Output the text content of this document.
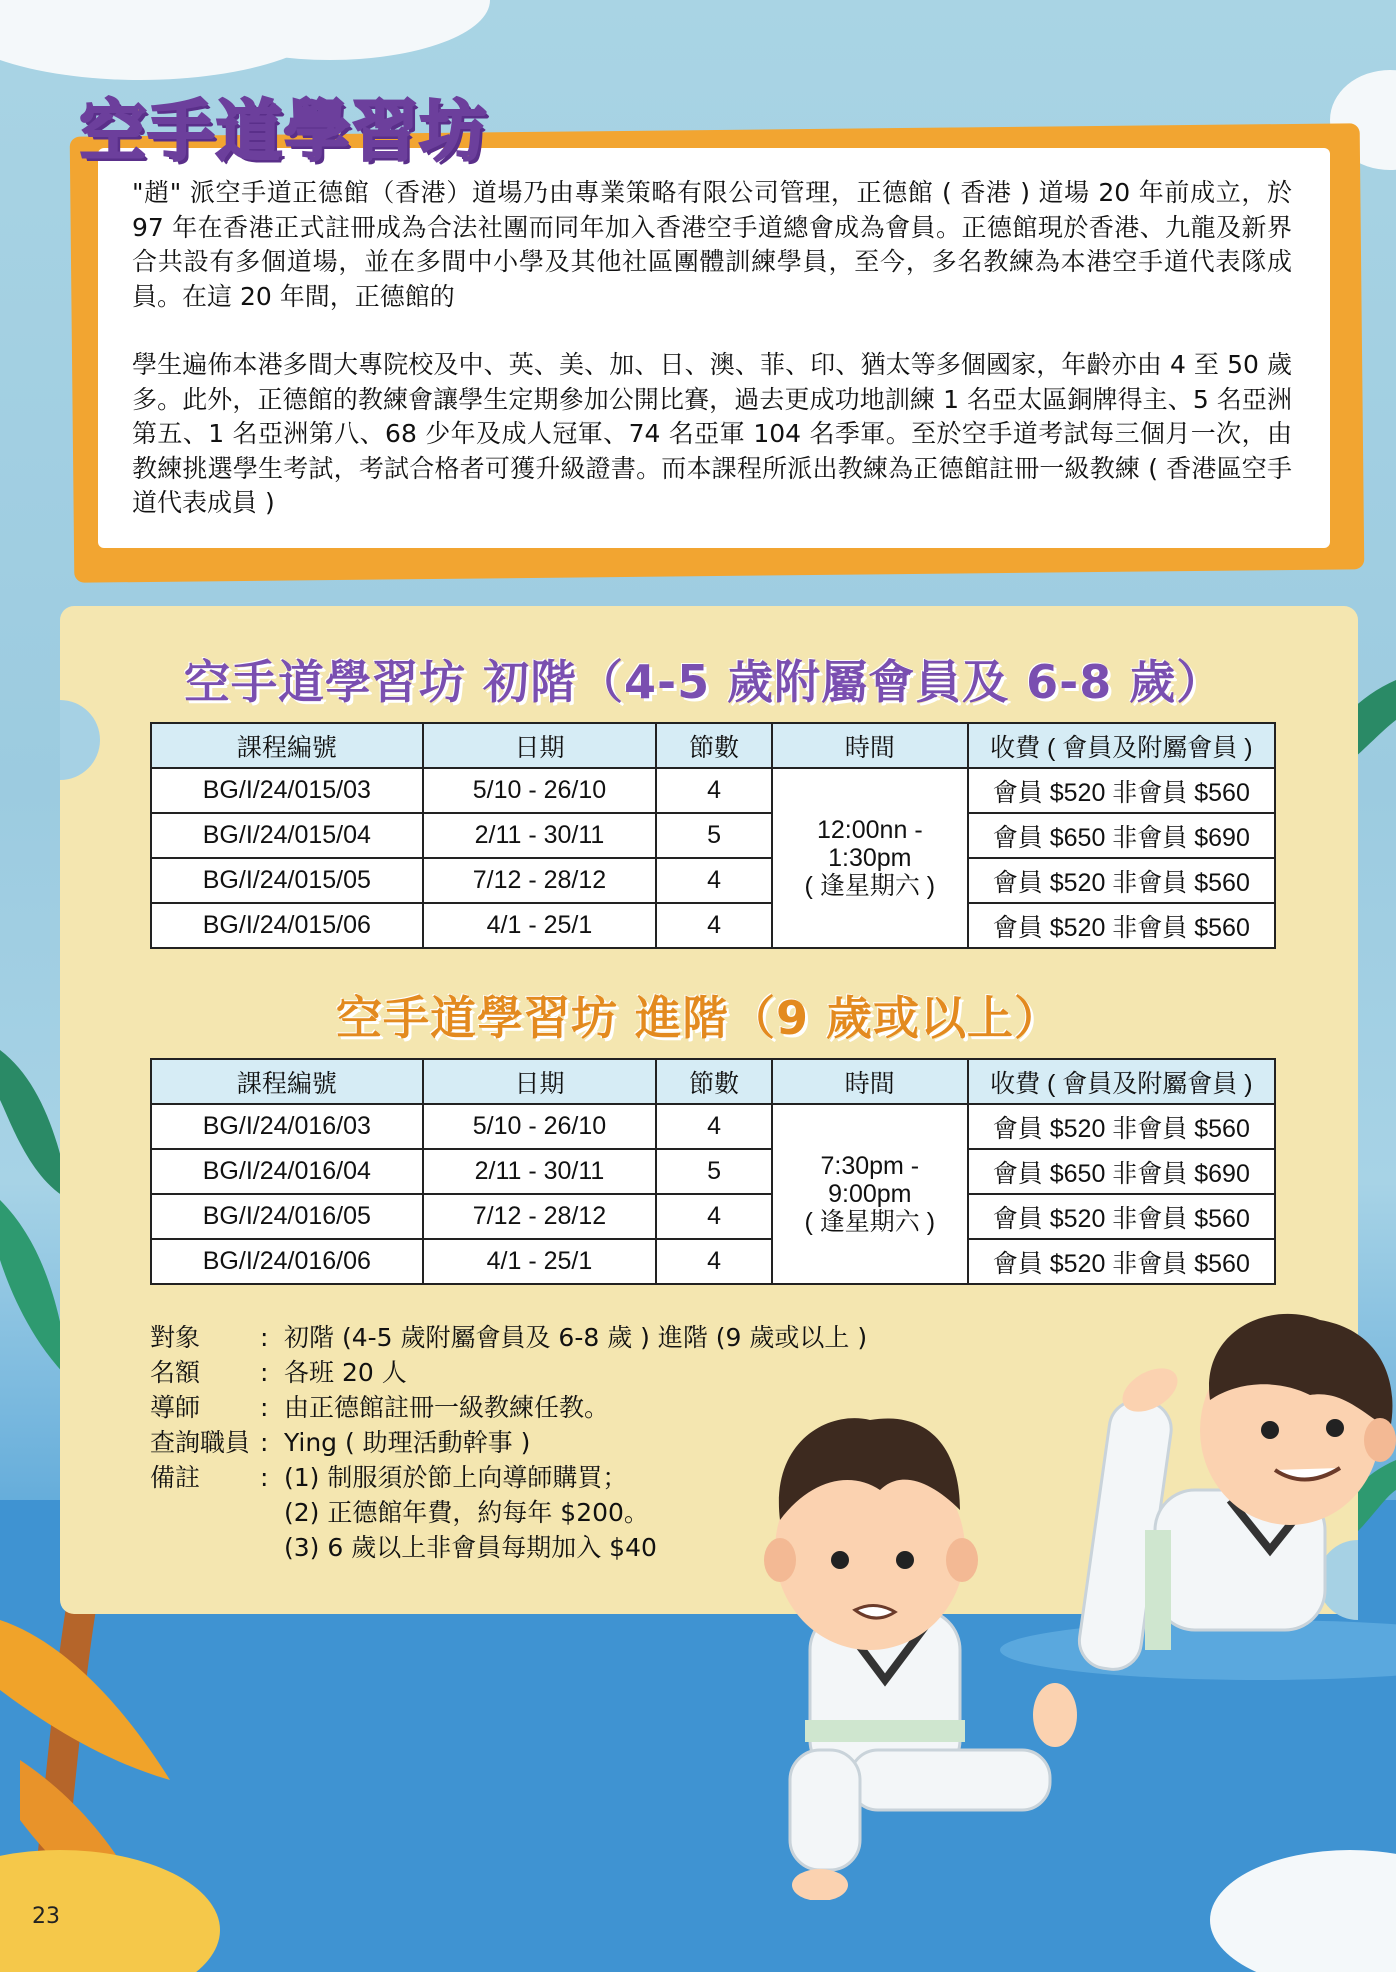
"趙" 派空手道正德館（香港）道場乃由專業策略有限公司管理，正德館 ( 香港 ) 道場 20 年前成立，於 97 年在香港正式註冊成為合法社團而同年加入香港空手道總會成為會員。正德館現於香港、九龍及新界合共設有多個道場，並在多間中小學及其他社區團體訓練學員，至今，多名教練為本港空手道代表隊成員。在這 20 年間，正德館的

學生遍佈本港多間大專院校及中、英、美、加、日、澳、菲、印、猶太等多個國家，年齡亦由 4 至 50 歲多。此外，正德館的教練會讓學生定期參加公開比賽，過去更成功地訓練 1 名亞太區銅牌得主、5 名亞洲第五、1 名亞洲第八、68 少年及成人冠軍、74 名亞軍 104 名季軍。至於空手道考試每三個月一次，由教練挑選學生考試，考試合格者可獲升級證書。而本課程所派出教練為正德館註冊一級教練 ( 香港區空手道代表成員 )

空手道學習坊
空手道學習坊 初階（4-5 歲附屬會員及 6-8 歲）
課程編號	日期	節數	時間	收費 ( 會員及附屬會員 )
BG/I/24/015/03	5/10 - 26/10	4	12:00nn -
1:30pm
( 逢星期六 )	會員 $520 非會員 $560
BG/I/24/015/04	2/11 - 30/11	5		會員 $650 非會員 $690
BG/I/24/015/05	7/12 - 28/12	4		會員 $520 非會員 $560
BG/I/24/015/06	4/1 - 25/1	4		會員 $520 非會員 $560
空手道學習坊 進階（9 歲或以上）
課程編號	日期	節數	時間	收費 ( 會員及附屬會員 )
BG/I/24/016/03	5/10 - 26/10	4	7:30pm -
9:00pm
( 逢星期六 )	會員 $520 非會員 $560
BG/I/24/016/04	2/11 - 30/11	5		會員 $650 非會員 $690
BG/I/24/016/05	7/12 - 28/12	4		會員 $520 非會員 $560
BG/I/24/016/06	4/1 - 25/1	4		會員 $520 非會員 $560
對象	: 初階 (4-5 歲附屬會員及 6-8 歲 ) 進階 (9 歲或以上 )
名額	: 各班 20 人
導師	: 由正德館註冊一級教練任教。
查詢職員 : Ying ( 助理活動幹事 )
備註	: (1) 制服須於節上向導師購買；
(2) 正德館年費，約每年 $200。
(3) 6 歲以上非會員每期加入 $40
23
